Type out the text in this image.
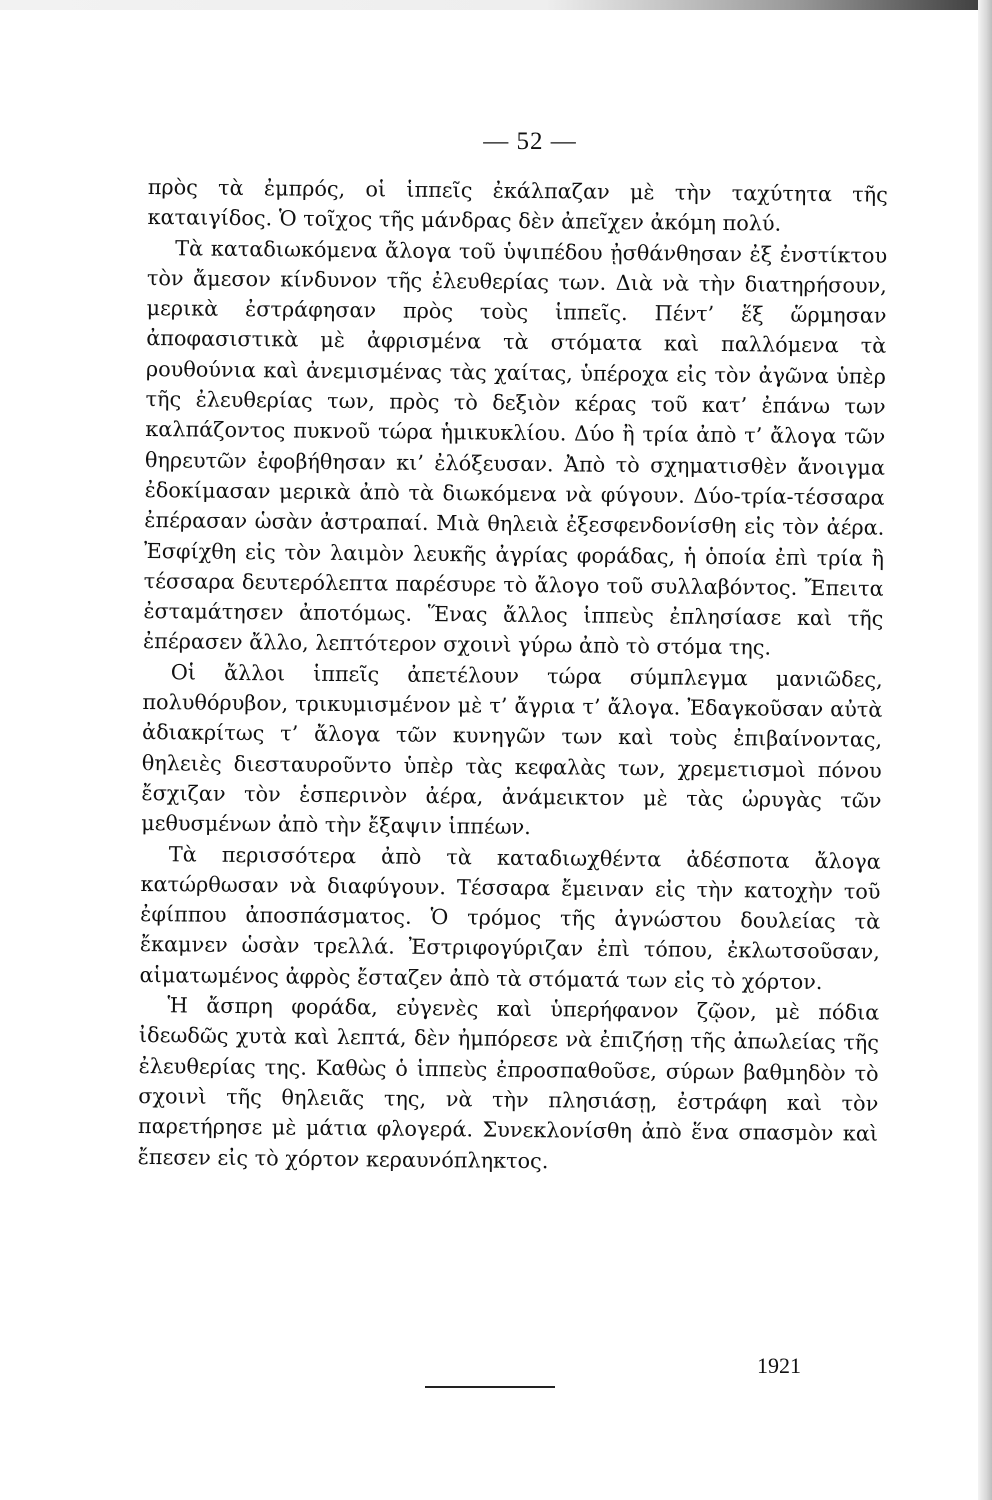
— 52 —

πρὸς τὰ ἐμπρός, οἱ ἱππεῖς ἐκάλπαζαν μὲ τὴν ταχύτητα τῆς καταιγίδος. Ὁ τοῖχος τῆς μάνδρας δὲν ἀπεῖχεν ἀκόμη πολύ.

Τὰ καταδιωκόμενα ἄλογα τοῦ ὑψιπέδου ᾐσθάνθησαν ἐξ ἐνστίκτου τὸν ἄμεσον κίνδυνον τῆς ἐλευθερίας των. Διὰ νὰ τὴν διατηρήσουν, μερικὰ ἐστράφησαν πρὸς τοὺς ἱππεῖς. Πέντ’ ἕξ ὥρμησαν ἀποφασιστικὰ μὲ ἀφρισμένα τὰ στόματα καὶ παλλόμενα τὰ ρουθούνια καὶ ἀνεμισμένας τὰς χαίτας, ὑπέροχα εἰς τὸν ἀγῶνα ὑπὲρ τῆς ἐλευθερίας των, πρὸς τὸ δεξιὸν κέρας τοῦ κατ’ ἐπάνω των καλπάζοντος πυκνοῦ τώρα ἡμικυκλίου. Δύο ἢ τρία ἀπὸ τ’ ἄλογα τῶν θηρευτῶν ἐφοβήθησαν κι’ ἐλόξευσαν. Ἀπὸ τὸ σχηματισθὲν ἄνοιγμα ἐδοκίμασαν μερικὰ ἀπὸ τὰ διωκόμενα νὰ φύγουν. Δύο-τρία-τέσσαρα ἐπέρασαν ὡσὰν ἀστραπαί. Μιὰ θηλειὰ ἐξεσφενδονίσθη εἰς τὸν ἀέρα. Ἐσφίχθη εἰς τὸν λαιμὸν λευκῆς ἀγρίας φοράδας, ἡ ὁποία ἐπὶ τρία ἢ τέσσαρα δευτερόλεπτα παρέσυρε τὸ ἄλογο τοῦ συλλαβόντος. Ἔπειτα ἐσταμάτησεν ἀποτόμως. Ἕνας ἄλλος ἱππεὺς ἐπλησίασε καὶ τῆς ἐπέρασεν ἄλλο, λεπτότερον σχοινὶ γύρω ἀπὸ τὸ στόμα της.

Οἱ ἄλλοι ἱππεῖς ἀπετέλουν τώρα σύμπλεγμα μανιῶδες, πολυθόρυβον, τρικυμισμένον μὲ τ’ ἄγρια τ’ ἄλογα. Ἐδαγκοῦσαν αὐτὰ ἀδιακρίτως τ’ ἄλογα τῶν κυνηγῶν των καὶ τοὺς ἐπιβαίνοντας, θηλειὲς διεσταυροῦντο ὑπὲρ τὰς κεφαλὰς των, χρεμετισμοὶ πόνου ἔσχιζαν τὸν ἑσπερινὸν ἀέρα, ἀνάμεικτον μὲ τὰς ὠρυγὰς τῶν μεθυσμένων ἀπὸ τὴν ἔξαψιν ἱππέων.

Τὰ περισσότερα ἀπὸ τὰ καταδιωχθέντα ἀδέσποτα ἄλογα κατώρθωσαν νὰ διαφύγουν. Τέσσαρα ἔμειναν εἰς τὴν κατοχὴν τοῦ ἐφίππου ἀποσπάσματος. Ὁ τρόμος τῆς ἀγνώστου δουλείας τὰ ἔκαμνεν ὡσὰν τρελλά. Ἐστριφογύριζαν ἐπὶ τόπου, ἐκλωτσοῦσαν, αἱματωμένος ἀφρὸς ἔσταζεν ἀπὸ τὰ στόματά των εἰς τὸ χόρτον.

Ἡ ἄσπρη φοράδα, εὐγενὲς καὶ ὑπερήφανον ζῷον, μὲ πόδια ἰδεωδῶς χυτὰ καὶ λεπτά, δὲν ἠμπόρεσε νὰ ἐπιζήσῃ τῆς ἀπωλείας τῆς ἐλευθερίας της. Καθὼς ὁ ἱππεὺς ἐπροσπαθοῦσε, σύρων βαθμηδὸν τὸ σχοινὶ τῆς θηλειᾶς της, νὰ τὴν πλησιάσῃ, ἐστράφη καὶ τὸν παρετήρησε μὲ μάτια φλογερά. Συνεκλονίσθη ἀπὸ ἕνα σπασμὸν καὶ ἔπεσεν εἰς τὸ χόρτον κεραυνόπληκτος.

1921
